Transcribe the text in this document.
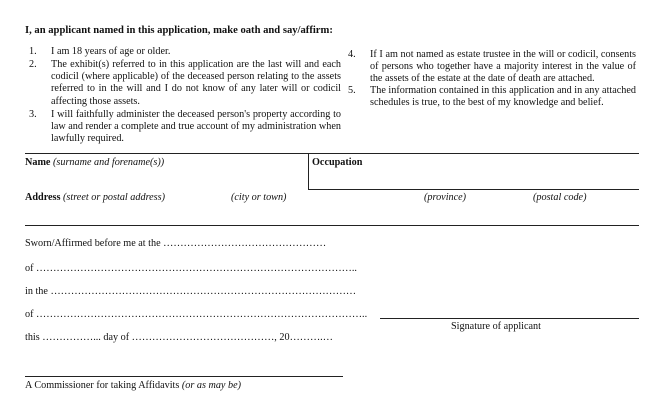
I, an applicant named in this application, make oath and say/affirm:
1. I am 18 years of age or older.
2. The exhibit(s) referred to in this application are the last will and each codicil (where applicable) of the deceased person relating to the assets referred to in the will and I do not know of any later will or codicil affecting those assets.
3. I will faithfully administer the deceased person's property according to law and render a complete and true account of my administration when lawfully required.
4. If I am not named as estate trustee in the will or codicil, consents of persons who together have a majority interest in the value of the assets of the estate at the date of death are attached.
5. The information contained in this application and in any attached schedules is true, to the best of my knowledge and belief.
Name (surname and forename(s))	Occupation
Address (street or postal address)	(city or town)	(province)	(postal code)
Sworn/Affirmed before me at the …………………………………………
of …………………………………………………………………………………..
in the ………………………………………………………………………………
of ……………………………………………………………………………………..
this ……………... day of ……………………………………, 20……….…
Signature of applicant
A Commissioner for taking Affidavits (or as may be)
